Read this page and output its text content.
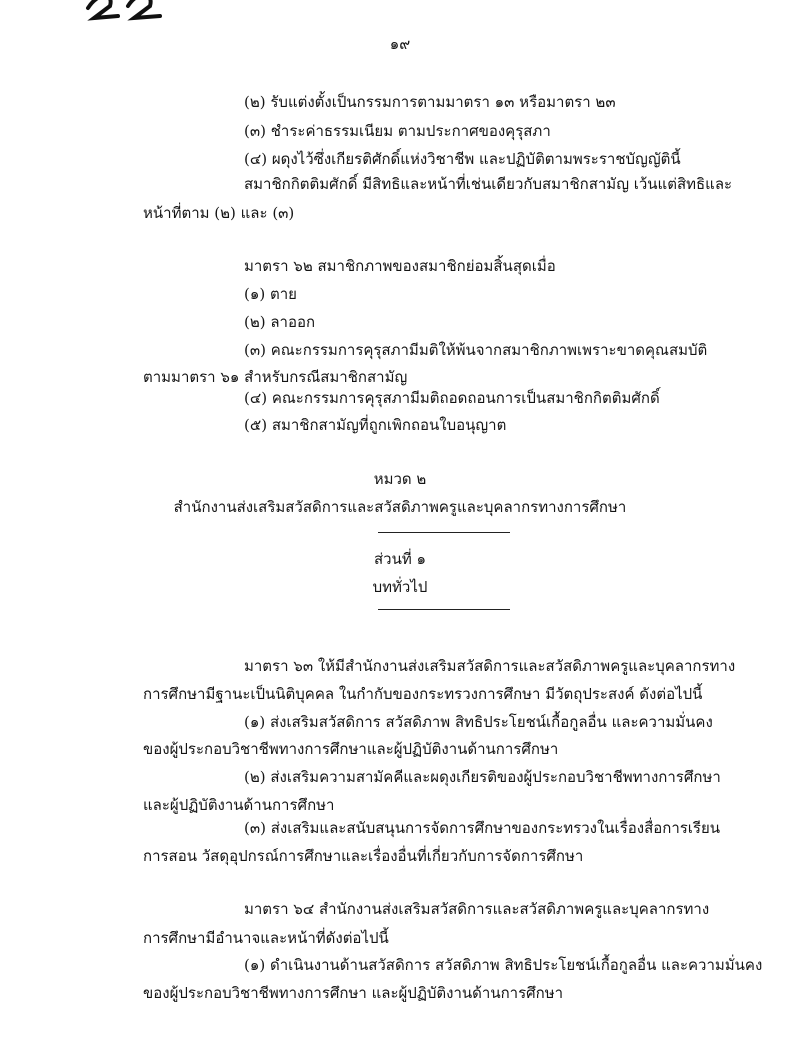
๑๙
(๒) รับแต่งตั้งเป็นกรรมการตามมาตรา ๑๓ หรือมาตรา ๒๓
(๓) ชำระค่าธรรมเนียม ตามประกาศของคุรุสภา
(๔) ผดุงไว้ซึ่งเกียรติศักดิ์แห่งวิชาชีพ และปฏิบัติตามพระราชบัญญัตินี้
สมาชิกกิตติมศักดิ์ มีสิทธิและหน้าที่เช่นเดียวกับสมาชิกสามัญ เว้นแต่สิทธิและ
หน้าที่ตาม (๒) และ (๓)
มาตรา ๖๒ สมาชิกภาพของสมาชิกย่อมสิ้นสุดเมื่อ
(๑) ตาย
(๒) ลาออก
(๓) คณะกรรมการคุรุสภามีมติให้พ้นจากสมาชิกภาพเพราะขาดคุณสมบัติ
ตามมาตรา ๖๑ สำหรับกรณีสมาชิกสามัญ
(๔) คณะกรรมการคุรุสภามีมติถอดถอนการเป็นสมาชิกกิตติมศักดิ์
(๕) สมาชิกสามัญที่ถูกเพิกถอนใบอนุญาต
หมวด ๒
สำนักงานส่งเสริมสวัสดิการและสวัสดิภาพครูและบุคลากรทางการศึกษา
ส่วนที่ ๑
บททั่วไป
มาตรา ๖๓ ให้มีสำนักงานส่งเสริมสวัสดิการและสวัสดิภาพครูและบุคลากรทาง
การศึกษามีฐานะเป็นนิติบุคคล ในกำกับของกระทรวงการศึกษา มีวัตถุประสงค์ ดังต่อไปนี้
(๑) ส่งเสริมสวัสดิการ สวัสดิภาพ สิทธิประโยชน์เกื้อกูลอื่น และความมั่นคง
ของผู้ประกอบวิชาชีพทางการศึกษาและผู้ปฏิบัติงานด้านการศึกษา
(๒) ส่งเสริมความสามัคคีและผดุงเกียรติของผู้ประกอบวิชาชีพทางการศึกษา
และผู้ปฏิบัติงานด้านการศึกษา
(๓) ส่งเสริมและสนับสนุนการจัดการศึกษาของกระทรวงในเรื่องสื่อการเรียน
การสอน วัสดุอุปกรณ์การศึกษาและเรื่องอื่นที่เกี่ยวกับการจัดการศึกษา
มาตรา ๖๔ สำนักงานส่งเสริมสวัสดิการและสวัสดิภาพครูและบุคลากรทาง
การศึกษามีอำนาจและหน้าที่ดังต่อไปนี้
(๑) ดำเนินงานด้านสวัสดิการ สวัสดิภาพ สิทธิประโยชน์เกื้อกูลอื่น และความมั่นคง
ของผู้ประกอบวิชาชีพทางการศึกษา และผู้ปฏิบัติงานด้านการศึกษา
